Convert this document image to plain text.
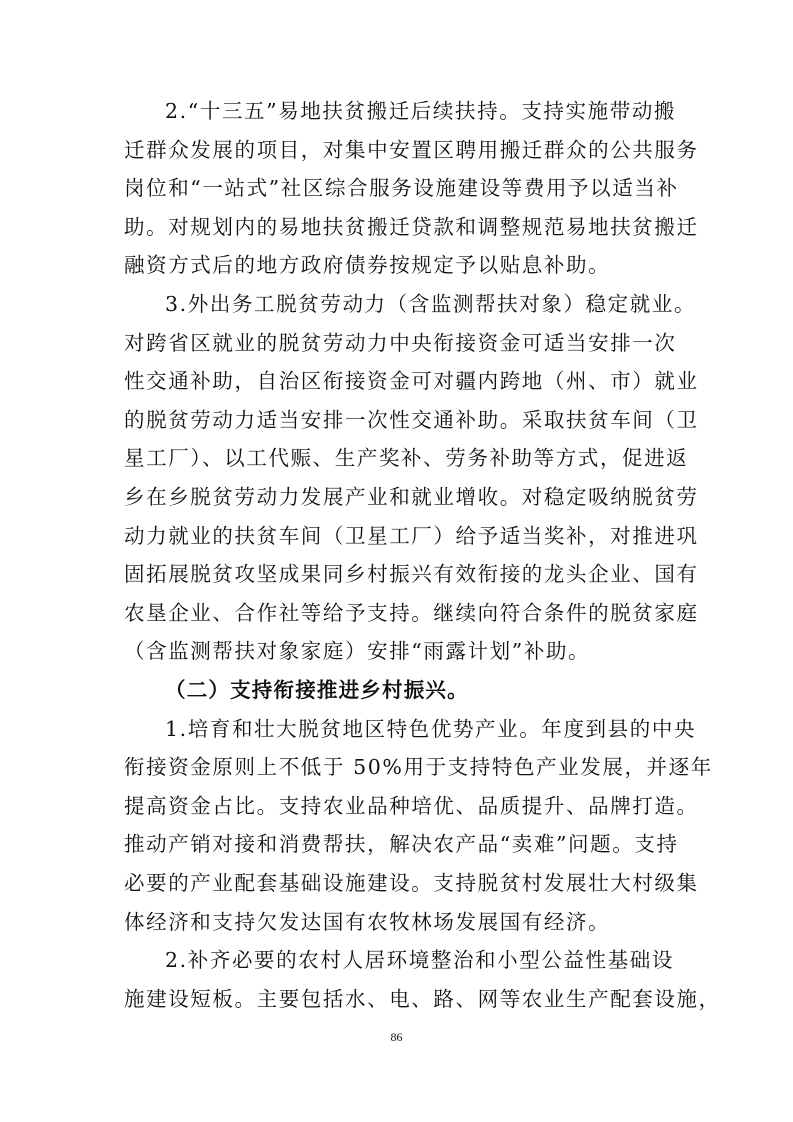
2.“十三五”易地扶贫搬迁后续扶持。支持实施带动搬
迁群众发展的项目，对集中安置区聘用搬迁群众的公共服务
岗位和“一站式”社区综合服务设施建设等费用予以适当补
助。对规划内的易地扶贫搬迁贷款和调整规范易地扶贫搬迁
融资方式后的地方政府债券按规定予以贴息补助。
3.外出务工脱贫劳动力（含监测帮扶对象）稳定就业。
对跨省区就业的脱贫劳动力中央衔接资金可适当安排一次
性交通补助，自治区衔接资金可对疆内跨地（州、市）就业
的脱贫劳动力适当安排一次性交通补助。采取扶贫车间（卫
星工厂）、以工代赈、生产奖补、劳务补助等方式，促进返
乡在乡脱贫劳动力发展产业和就业增收。对稳定吸纳脱贫劳
动力就业的扶贫车间（卫星工厂）给予适当奖补，对推进巩
固拓展脱贫攻坚成果同乡村振兴有效衔接的龙头企业、国有
农垦企业、合作社等给予支持。继续向符合条件的脱贫家庭
（含监测帮扶对象家庭）安排“雨露计划”补助。
（二）支持衔接推进乡村振兴。
1.培育和壮大脱贫地区特色优势产业。年度到县的中央
衔接资金原则上不低于 50%用于支持特色产业发展，并逐年
提高资金占比。支持农业品种培优、品质提升、品牌打造。
推动产销对接和消费帮扶，解决农产品“卖难”问题。支持
必要的产业配套基础设施建设。支持脱贫村发展壮大村级集
体经济和支持欠发达国有农牧林场发展国有经济。
2.补齐必要的农村人居环境整治和小型公益性基础设
施建设短板。主要包括水、电、路、网等农业生产配套设施，
86
